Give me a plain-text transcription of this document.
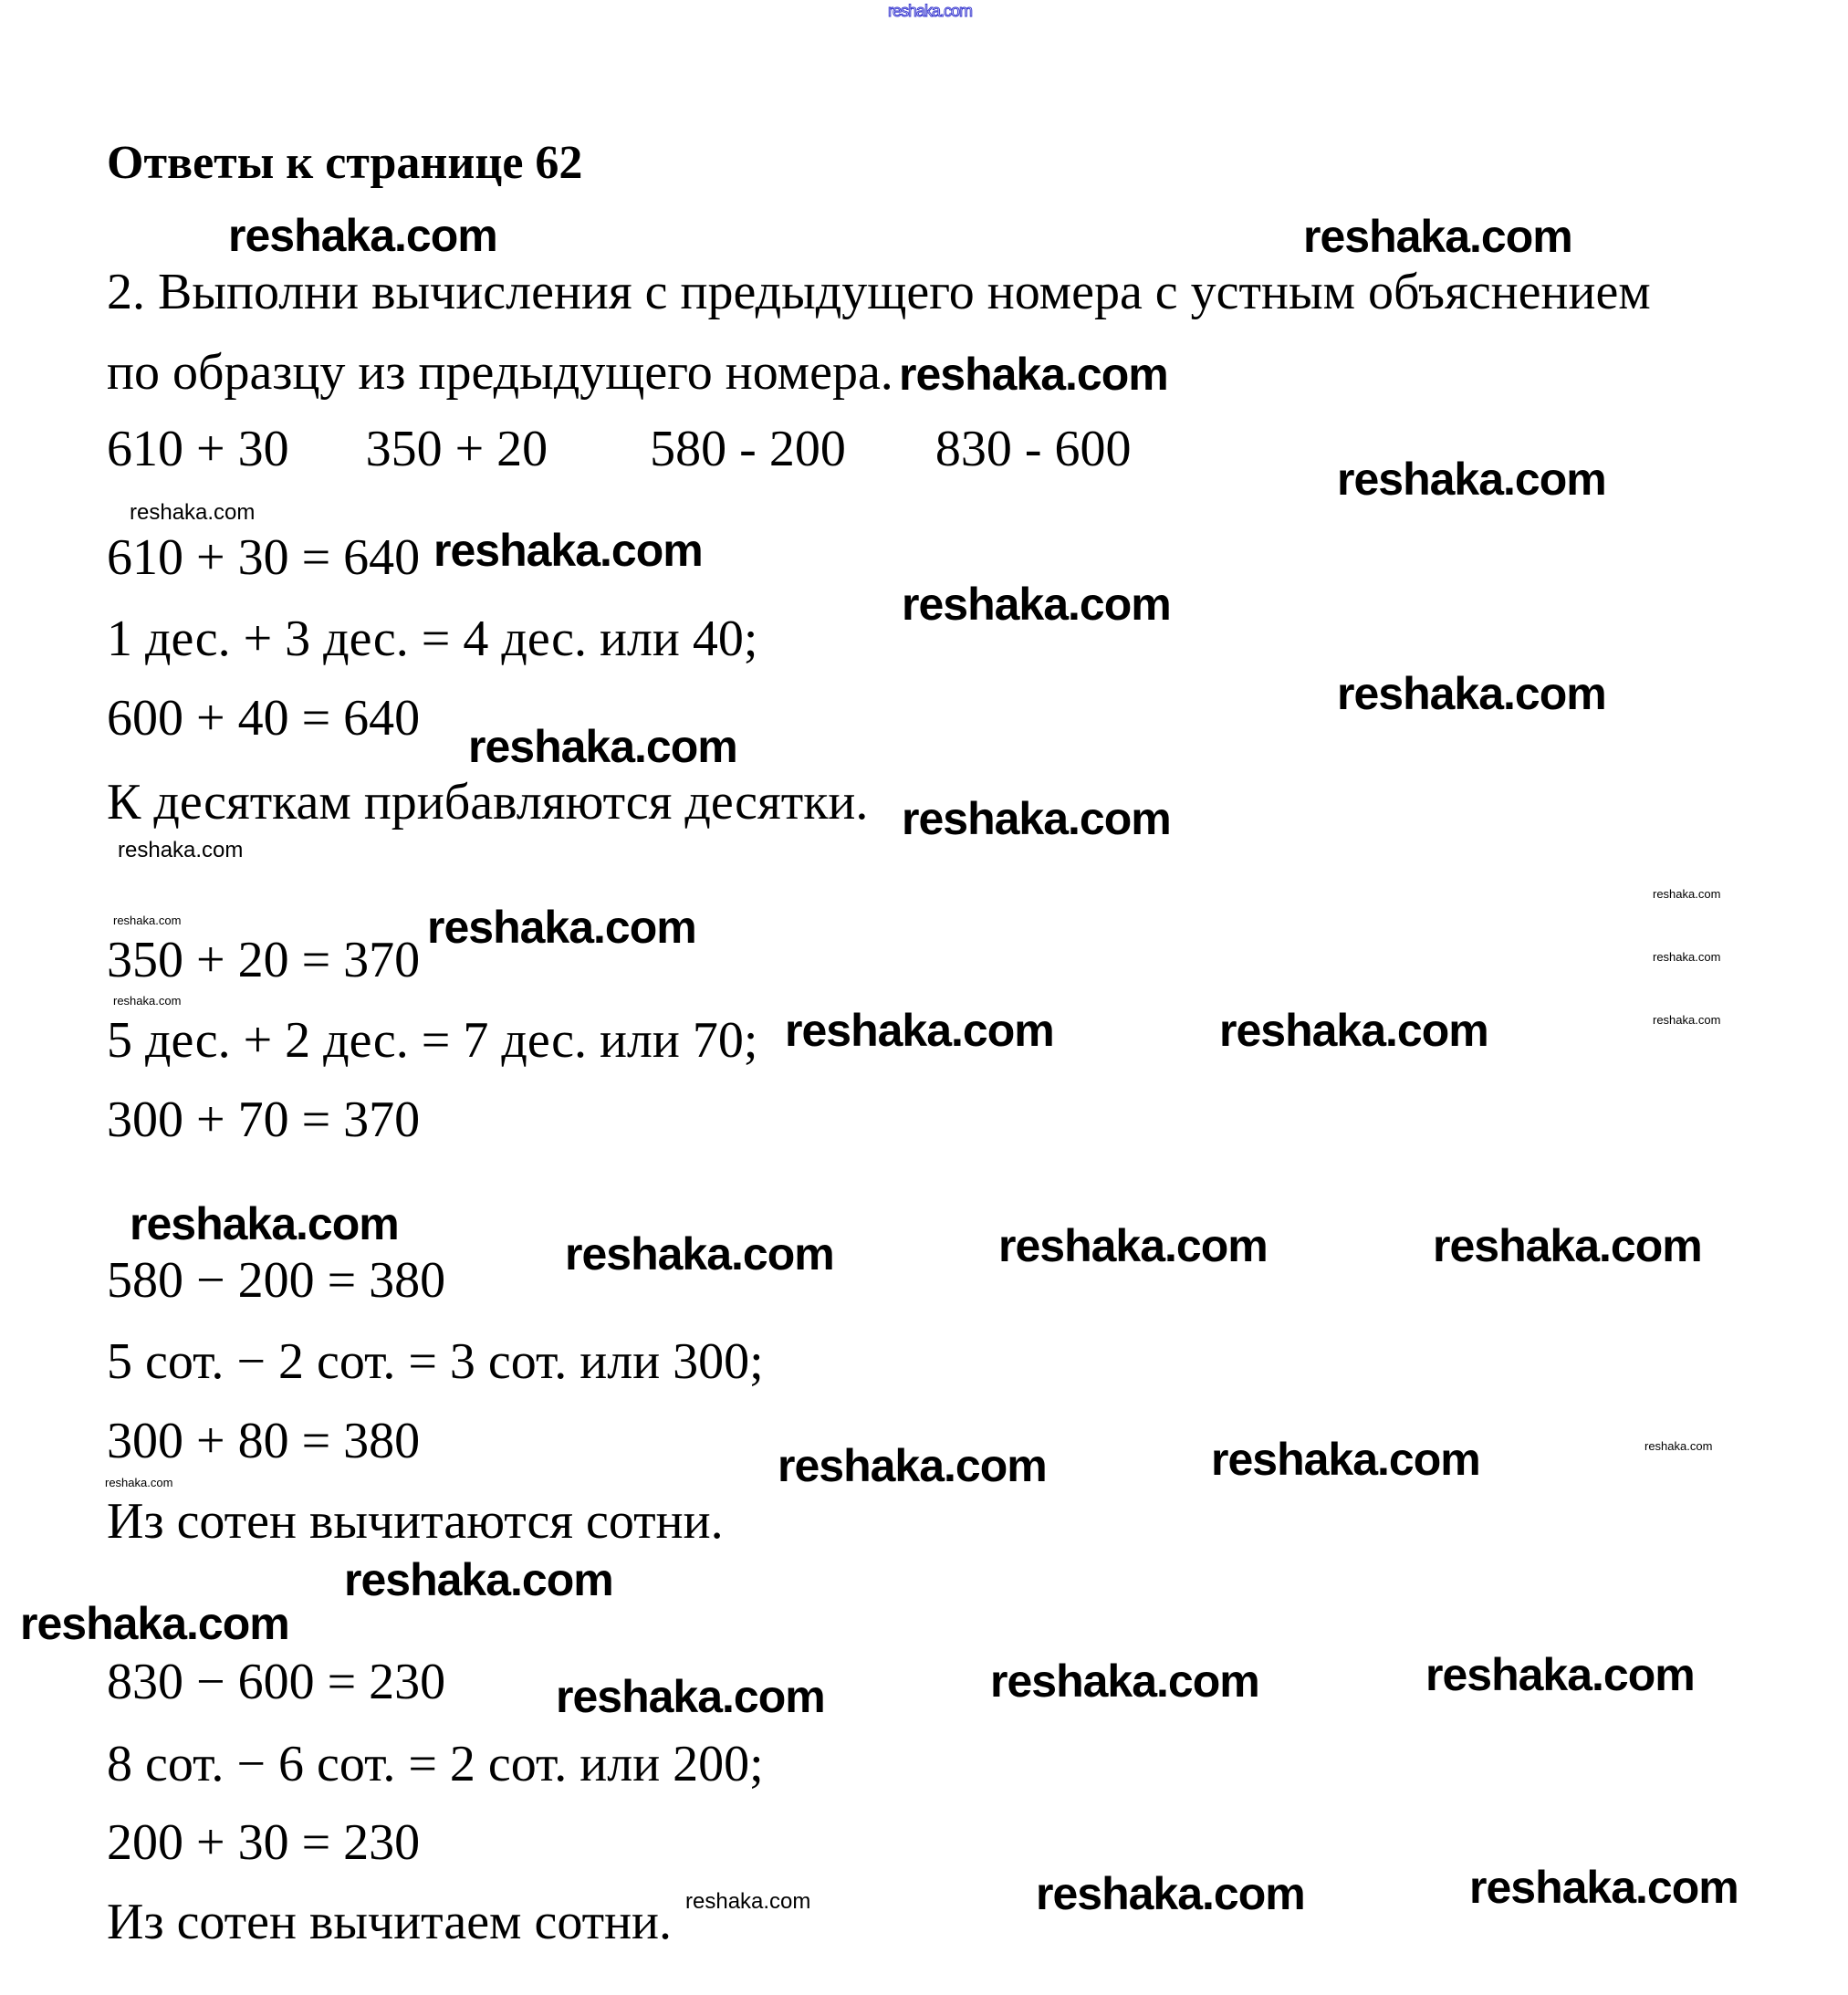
Ответы к странице 62
2. Выполни вычисления с предыдущего номера с устным объяснением
по образцу из предыдущего номера.
610 + 30      350 + 20        580 - 200       830 - 600
610 + 30 = 640
1 дес. + 3 дес. = 4 дес. или 40;
600 + 40 = 640
К десяткам прибавляются десятки.
350 + 20 = 370
5 дес. + 2 дес. = 7 дес. или 70;
300 + 70 = 370
580 − 200 = 380
5 сот. − 2 сот. = 3 сот. или 300;
300 + 80 = 380
Из сотен вычитаются сотни.
830 − 600 = 230
8 сот. − 6 сот. = 2 сот. или 200;
200 + 30 = 230
Из сотен вычитаем сотни.
reshaka.com
reshaka.com
reshaka.com
reshaka.com
reshaka.com
reshaka.com
reshaka.com
reshaka.com
reshaka.com
reshaka.com
reshaka.com
reshaka.com	reshaka.com
reshaka.com
reshaka.com	reshaka.com	reshaka.com
reshaka.com
reshaka.com	reshaka.com
reshaka.com	reshaka.com	reshaka.com
reshaka.com
reshaka.com	reshaka.com
reshaka.com
reshaka.com
reshaka.com
reshaka.com
reshaka.com
reshaka.com
reshaka.com
reshaka.com
reshaka.com
reshaka.com
